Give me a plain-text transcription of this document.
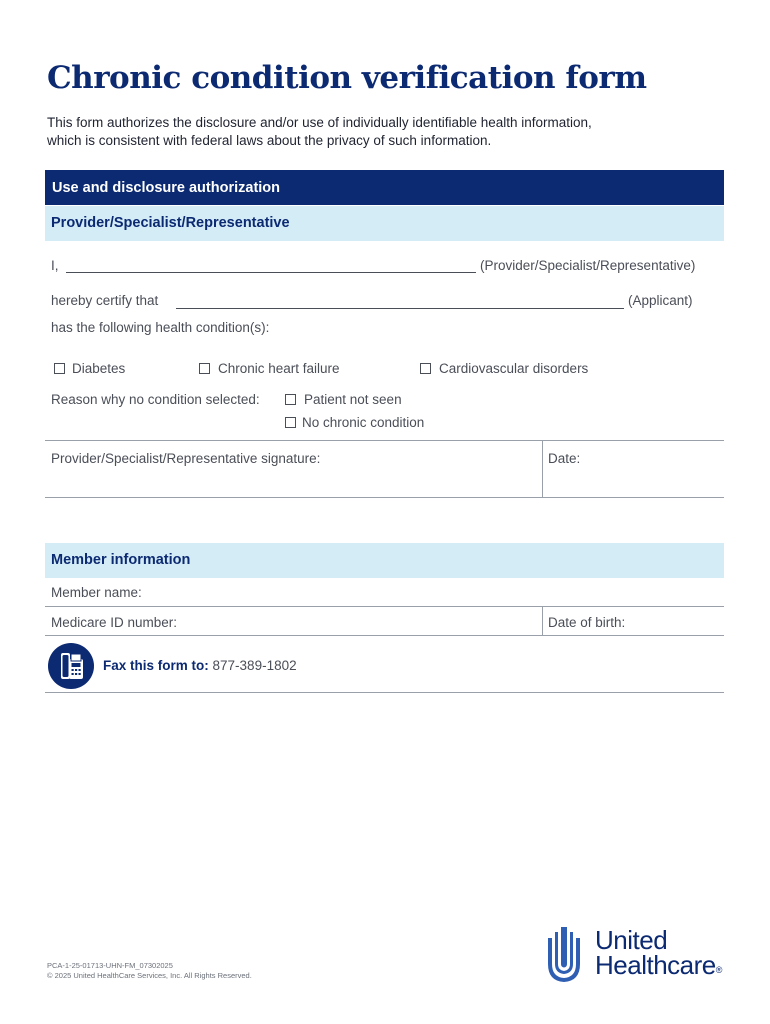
Chronic condition verification form
This form authorizes the disclosure and/or use of individually identifiable health information,
which is consistent with federal laws about the privacy of such information.
Use and disclosure authorization
Provider/Specialist/Representative
I,	(Provider/Specialist/Representative)
hereby certify that	(Applicant)
has the following health condition(s):
Diabetes	Chronic heart failure	Cardiovascular disorders
Reason why no condition selected:	Patient not seen
No chronic condition
Provider/Specialist/Representative signature:	Date:
Member information
Member name:
Medicare ID number:	Date of birth:
Fax this form to: 877-389-1802
PCA-1-25-01713-UHN-FM_07302025
© 2025 United HealthCare Services, Inc. All Rights Reserved.
United
Healthcare®
